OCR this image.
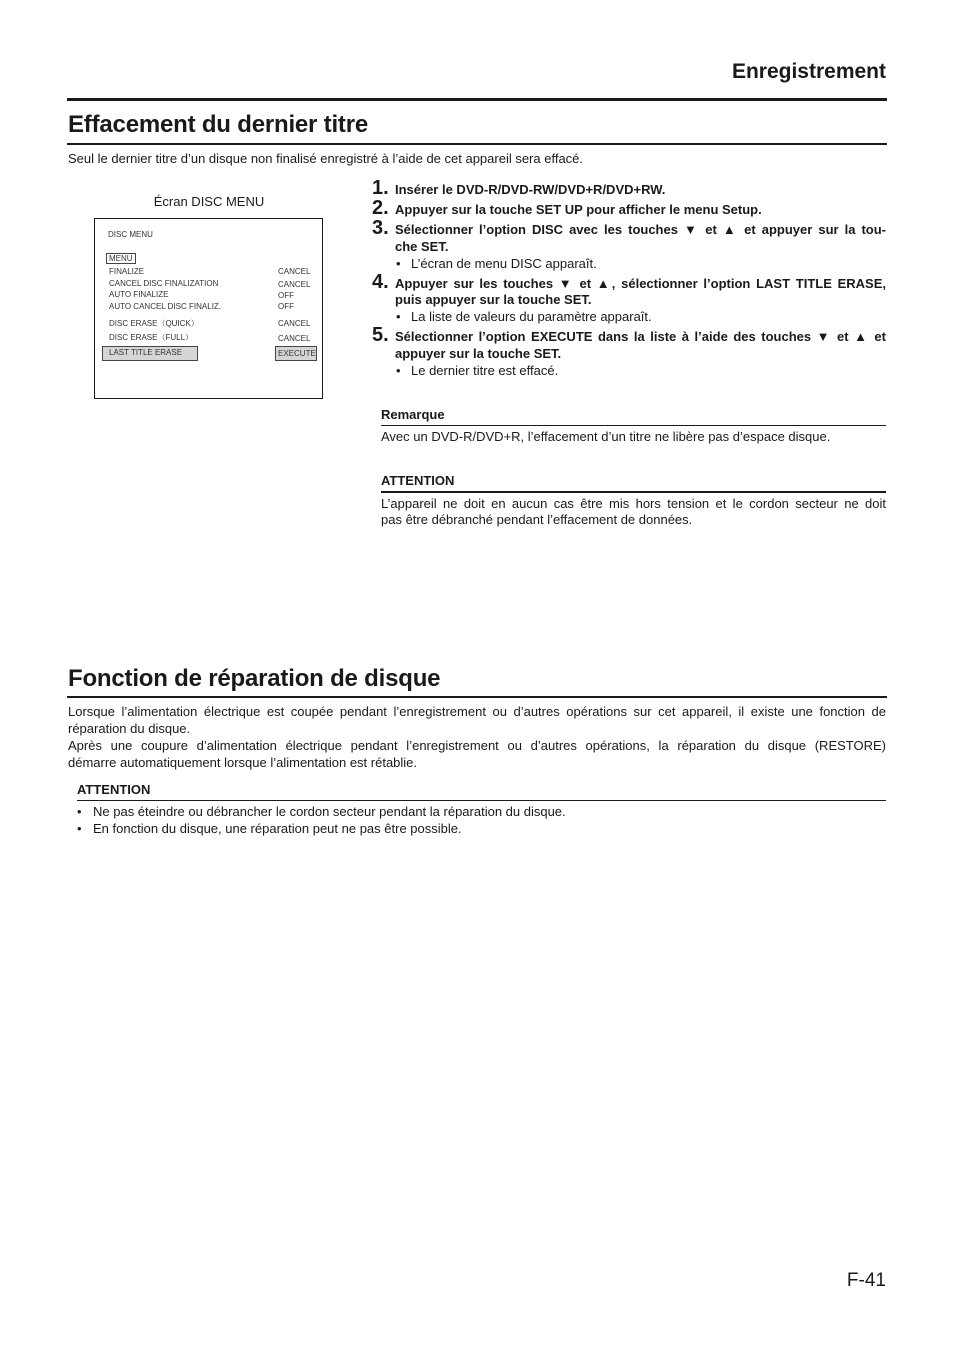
Enregistrement
Effacement du dernier titre
Seul le dernier titre d’un disque non finalisé enregistré à l’aide de cet appareil sera effacé.
Écran DISC MENU
DISC MENU
MENU
FINALIZE	CANCEL
CANCEL DISC FINALIZATION	CANCEL
AUTO FINALIZE	OFF
AUTO CANCEL DISC FINALIZ.	OFF
DISC ERASE（QUICK）	CANCEL
DISC ERASE（FULL）	CANCEL
LAST TITLE ERASE	EXECUTE
1. Insérer le DVD-R/DVD-RW/DVD+R/DVD+RW.
2. Appuyer sur la touche SET UP pour afficher le menu Setup.
3. Sélectionner l’option DISC avec les touches ▼ et ▲ et appuyer sur la tou-
che SET.
• L’écran de menu DISC apparaît.
4. Appuyer sur les touches ▼ et ▲, sélectionner l’option LAST TITLE ERASE,
puis appuyer sur la touche SET.
• La liste de valeurs du paramètre apparaît.
5. Sélectionner l’option EXECUTE dans la liste à l’aide des touches ▼ et ▲ et
appuyer sur la touche SET.
• Le dernier titre est effacé.
Remarque
Avec un DVD-R/DVD+R, l’effacement d’un titre ne libère pas d’espace disque.
ATTENTION
L’appareil ne doit en aucun cas être mis hors tension et le cordon secteur ne doit
pas être débranché pendant l’effacement de données.
Fonction de réparation de disque
Lorsque l’alimentation électrique est coupée pendant l’enregistrement ou d’autres opérations sur cet appareil, il existe une fonction de
réparation du disque.
Après une coupure d’alimentation électrique pendant l’enregistrement ou d’autres opérations, la réparation du disque (RESTORE)
démarre automatiquement lorsque l’alimentation est rétablie.
ATTENTION
• Ne pas éteindre ou débrancher le cordon secteur pendant la réparation du disque.
• En fonction du disque, une réparation peut ne pas être possible.
F-41
